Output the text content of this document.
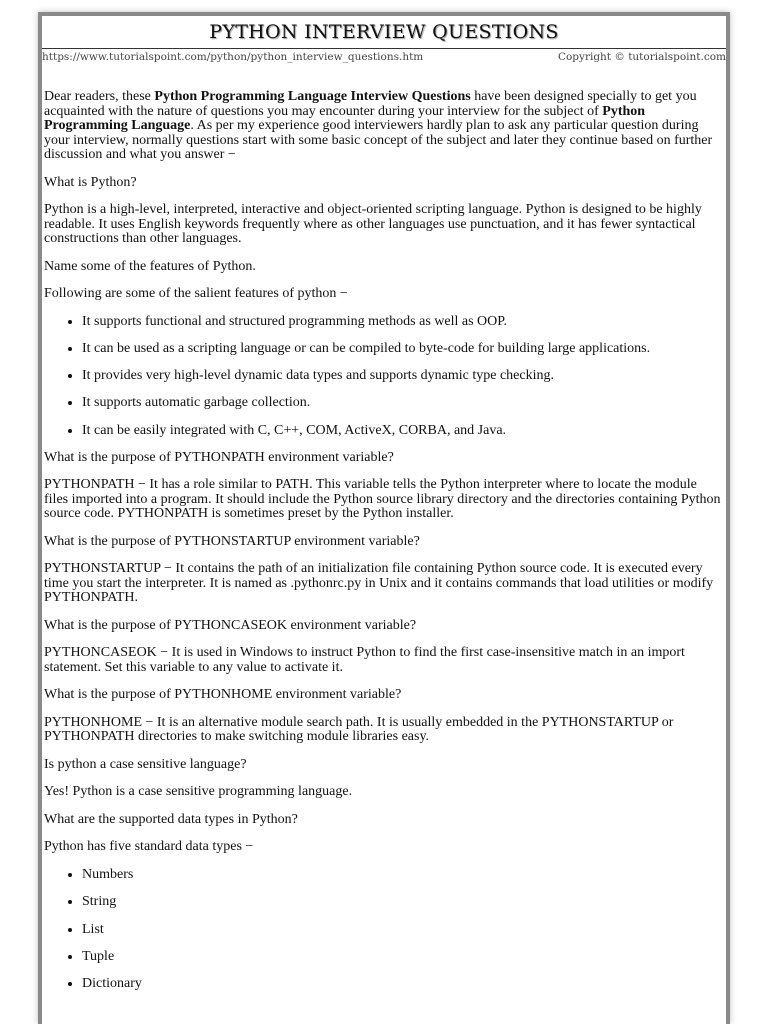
PYTHON INTERVIEW QUESTIONS
https://www.tutorialspoint.com/python/python_interview_questions.htm	Copyright © tutorialspoint.com

Dear readers, these Python Programming Language Interview Questions have been designed specially to get you acquainted with the nature of questions you may encounter during your interview for the subject of Python Programming Language. As per my experience good interviewers hardly plan to ask any particular question during your interview, normally questions start with some basic concept of the subject and later they continue based on further discussion and what you answer −

What is Python?

Python is a high-level, interpreted, interactive and object-oriented scripting language. Python is designed to be highly readable. It uses English keywords frequently where as other languages use punctuation, and it has fewer syntactical constructions than other languages.

Name some of the features of Python.

Following are some of the salient features of python −

• It supports functional and structured programming methods as well as OOP.
• It can be used as a scripting language or can be compiled to byte-code for building large applications.
• It provides very high-level dynamic data types and supports dynamic type checking.
• It supports automatic garbage collection.
• It can be easily integrated with C, C++, COM, ActiveX, CORBA, and Java.

What is the purpose of PYTHONPATH environment variable?

PYTHONPATH − It has a role similar to PATH. This variable tells the Python interpreter where to locate the module files imported into a program. It should include the Python source library directory and the directories containing Python source code. PYTHONPATH is sometimes preset by the Python installer.

What is the purpose of PYTHONSTARTUP environment variable?

PYTHONSTARTUP − It contains the path of an initialization file containing Python source code. It is executed every time you start the interpreter. It is named as .pythonrc.py in Unix and it contains commands that load utilities or modify PYTHONPATH.

What is the purpose of PYTHONCASEOK environment variable?

PYTHONCASEOK − It is used in Windows to instruct Python to find the first case-insensitive match in an import statement. Set this variable to any value to activate it.

What is the purpose of PYTHONHOME environment variable?

PYTHONHOME − It is an alternative module search path. It is usually embedded in the PYTHONSTARTUP or PYTHONPATH directories to make switching module libraries easy.

Is python a case sensitive language?

Yes! Python is a case sensitive programming language.

What are the supported data types in Python?

Python has five standard data types −

• Numbers
• String
• List
• Tuple
• Dictionary
